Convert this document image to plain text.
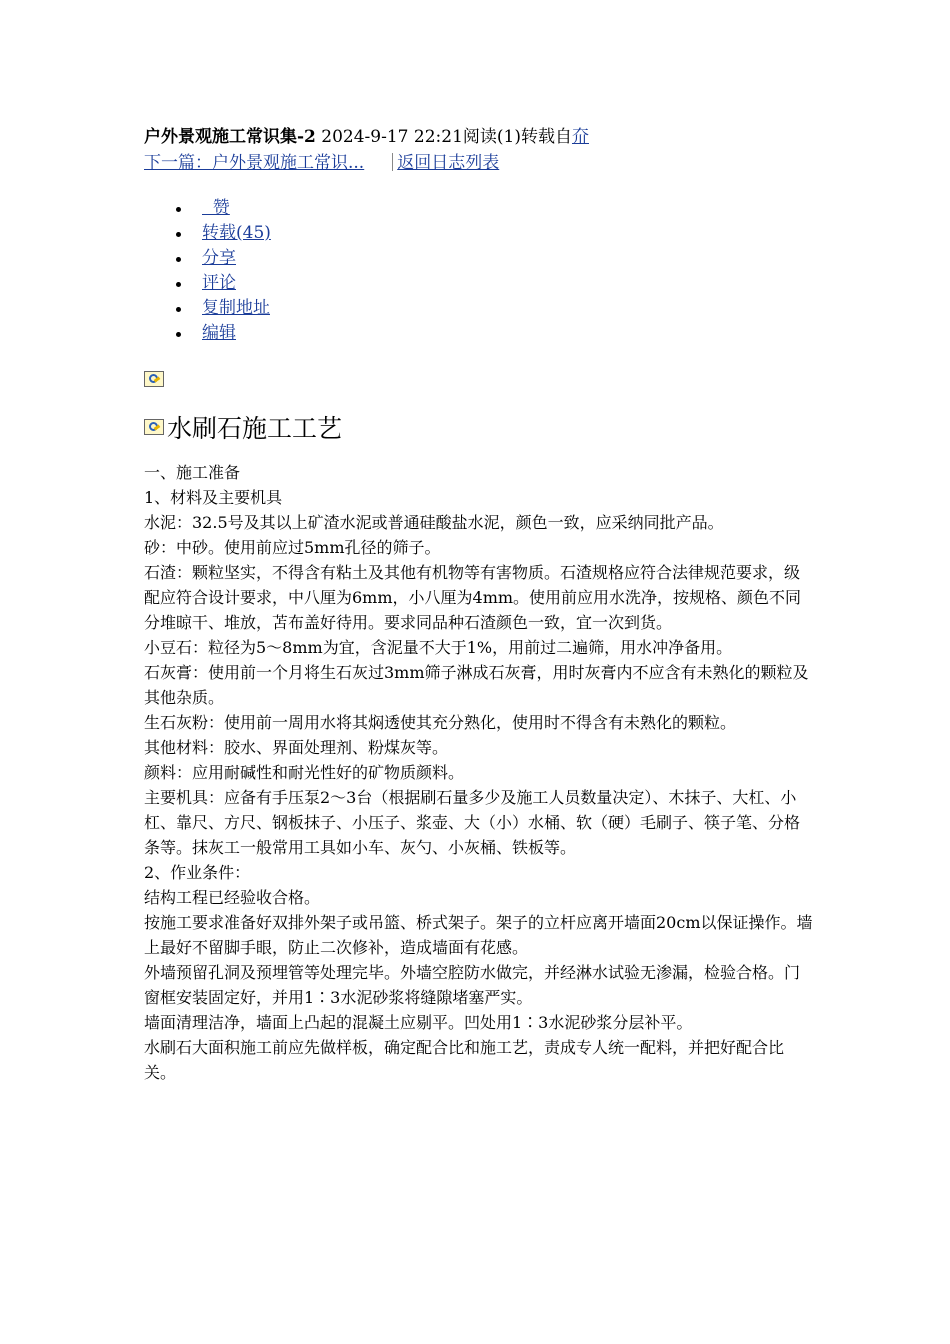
户外景观施工常识集-2 2024-9-17 22:21阅读(1)转载自夼
下一篇：户外景观施工常识... 返回日志列表
赞
转载(45)
分享
评论
复制地址
编辑
水刷石施工工艺

一、施工准备

1、材料及主要机具

水泥：32.5号及其以上矿渣水泥或普通硅酸盐水泥，颜色一致，应采纳同批产品。

砂：中砂。使用前应过5mm孔径的筛子。

石渣：颗粒坚实，不得含有粘土及其他有机物等有害物质。石渣规格应符合法律规范要求，级配应符合设计要求，中八厘为6mm，小八厘为4mm。使用前应用水洗净，按规格、颜色不同分堆晾干、堆放，苫布盖好待用。要求同品种石渣颜色一致，宜一次到货。

小豆石：粒径为5～8mm为宜，含泥量不大于1%，用前过二遍筛，用水冲净备用。

石灰膏：使用前一个月将生石灰过3mm筛子淋成石灰膏，用时灰膏内不应含有未熟化的颗粒及其他杂质。

生石灰粉：使用前一周用水将其焖透使其充分熟化，使用时不得含有未熟化的颗粒。

其他材料：胶水、界面处理剂、粉煤灰等。

颜料：应用耐碱性和耐光性好的矿物质颜料。

主要机具：应备有手压泵2～3台（根据刷石量多少及施工人员数量决定）、木抹子、大杠、小杠、靠尺、方尺、钢板抹子、小压子、浆壶、大（小）水桶、软（硬）毛刷子、筷子笔、分格条等。抹灰工一般常用工具如小车、灰勺、小灰桶、铁板等。

2、作业条件：

结构工程已经验收合格。

按施工要求准备好双排外架子或吊篮、桥式架子。架子的立杆应离开墙面20cm以保证操作。墙上最好不留脚手眼，防止二次修补，造成墙面有花感。

外墙预留孔洞及预埋管等处理完毕。外墙空腔防水做完，并经淋水试验无渗漏，检验合格。门窗框安装固定好，并用1∶3水泥砂浆将缝隙堵塞严实。

墙面清理洁净，墙面上凸起的混凝土应剔平。凹处用1∶3水泥砂浆分层补平。

水刷石大面积施工前应先做样板，确定配合比和施工艺，责成专人统一配料，并把好配合比关。
